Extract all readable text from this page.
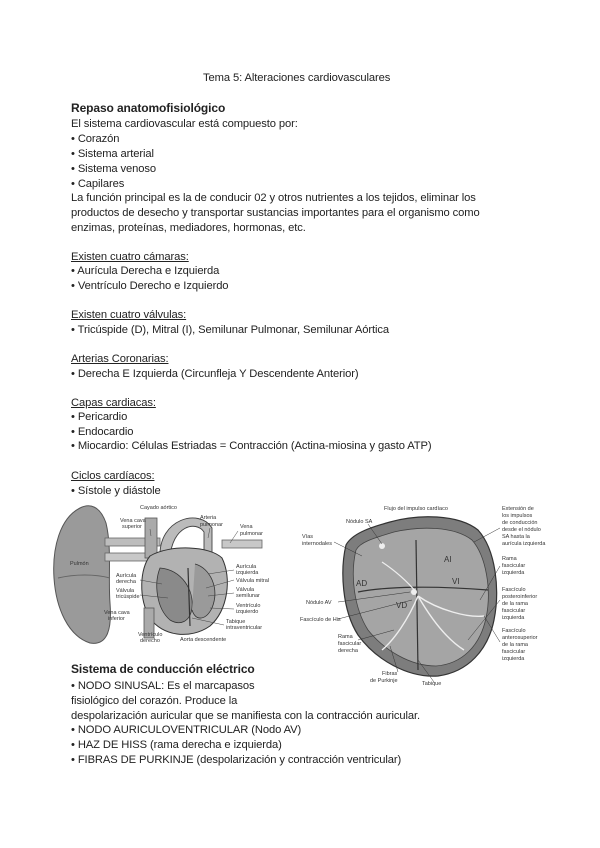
Tema 5: Alteraciones cardiovasculares
Repaso anatomofisiológico
El sistema cardiovascular está compuesto por:
• Corazón
• Sistema arterial
• Sistema venoso
• Capilares
La función principal es la de conducir 02 y otros nutrientes a los tejidos, eliminar los
productos de desecho y transportar sustancias importantes para el organismo como
enzimas, proteínas, mediadores, hormonas, etc.
Existen cuatro cámaras:
• Aurícula Derecha e Izquierda
• Ventrículo Derecho e Izquierdo
Existen cuatro válvulas:
• Tricúspide (D), Mitral (I), Semilunar Pulmonar, Semilunar Aórtica
Arterias Coronarias:
• Derecha E Izquierda (Circunfleja Y Descendente Anterior)
Capas cardiacas:
• Pericardio
• Endocardio
• Miocardio: Células Estriadas = Contracción (Actina-miosina y gasto ATP)
Ciclos cardíacos:
• Sístole y diástole
Cayado aórtico
Arteria
pulmonar
Vena cava
superior	Vena
pulmonar
Pulmón
Aurícula
derecha
Válvula
tricúspide
Vena cava
inferior
Ventrículo
derecho	Aorta descendente
Aurícula
izquierda
Válvula mitral
Válvula
semilunar
Ventrículo
izquierdo
Tabique
intraventricular
AI
AD	VI
VD
Flujo del impulso cardíaco
Nódulo SA
Vías
internodales
Extensión de
los impulsos
de conducción
desde el nódulo
SA hasta la
aurícula izquierda
Rama
fascicular
izquierda
Fascículo
posteroinferior
de la rama
fascicular
izquierda
Fascículo
anterosuperior
de la rama
fascicular
izquierda
Nódulo AV
Fascículo de His
Rama
fascicular
derecha
Fibras
de Purkinje	Tabique
Sistema de conducción eléctrico
• NODO SINUSAL: Es el marcapasos
fisiológico del corazón. Produce la
despolarización auricular que se manifiesta con la contracción auricular.
• NODO AURICULOVENTRICULAR (Nodo AV)
• HAZ DE HISS (rama derecha e izquierda)
• FIBRAS DE PURKINJE (despolarización y contracción ventricular)
